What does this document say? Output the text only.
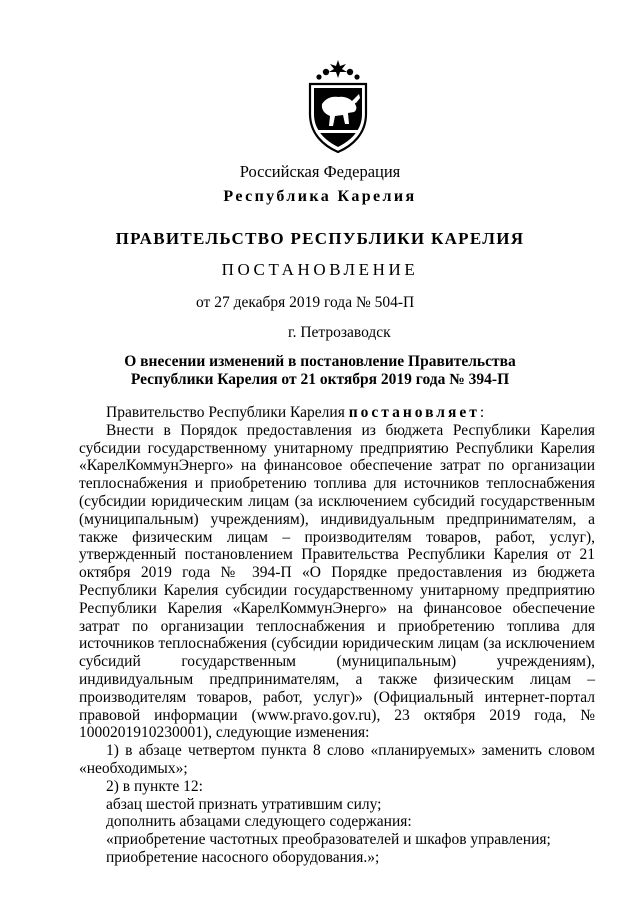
Российская Федерация
Республика Карелия
ПРАВИТЕЛЬСТВО РЕСПУБЛИКИ КАРЕЛИЯ
ПОСТАНОВЛЕНИЕ
от 27 декабря 2019 года № 504-П
г. Петрозаводск
О внесении изменений в постановление Правительства
Республики Карелия от 21 октября 2019 года № 394-П

Правительство Республики Карелия постановляет:

Внести в Порядок предоставления из бюджета Республики Карелия субсидии государственному унитарному предприятию Республики Карелия «КарелКоммунЭнерго» на финансовое обеспечение затрат по организации теплоснабжения и приобретению топлива для источников теплоснабжения (субсидии юридическим лицам (за исключением субсидий государственным (муниципальным) учреждениям), индивидуальным предпринимателям, а также физическим лицам – производителям товаров, работ, услуг), утвержденный постановлением Правительства Республики Карелия от 21 октября 2019 года № 394-П «О Порядке предоставления из бюджета Республики Карелия субсидии государственному унитарному предприятию Республики Карелия «КарелКоммунЭнерго» на финансовое обеспечение затрат по организации теплоснабжения и приобретению топлива для источников теплоснабжения (субсидии юридическим лицам (за исключением субсидий государственным (муниципальным) учреждениям), индивидуальным предпринимателям, а также физическим лицам – производителям товаров, работ, услуг)» (Официальный интернет-портал правовой информации (www.pravo.gov.ru), 23 октября 2019 года, № 1000201910230001), следующие изменения:

1) в абзаце четвертом пункта 8 слово «планируемых» заменить словом «необходимых»;

2) в пункте 12:

абзац шестой признать утратившим силу;

дополнить абзацами следующего содержания:

«приобретение частотных преобразователей и шкафов управления;

приобретение насосного оборудования.»;
